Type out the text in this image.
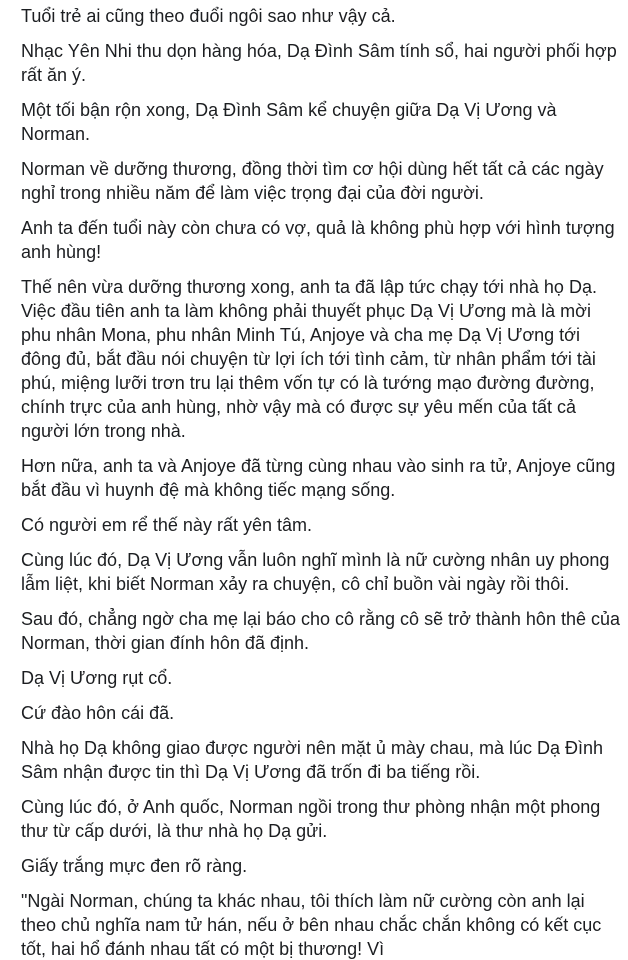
Tuổi trẻ ai cũng theo đuổi ngôi sao như vậy cả.

Nhạc Yên Nhi thu dọn hàng hóa, Dạ Đình Sâm tính sổ, hai người phối hợp rất ăn ý.

Một tối bận rộn xong, Dạ Đình Sâm kể chuyện giữa Dạ Vị Ương và Norman.

Norman về dưỡng thương, đồng thời tìm cơ hội dùng hết tất cả các ngày nghỉ trong nhiều năm để làm việc trọng đại của đời người.

Anh ta đến tuổi này còn chưa có vợ, quả là không phù hợp với hình tượng anh hùng!

Thế nên vừa dưỡng thương xong, anh ta đã lập tức chạy tới nhà họ Dạ. Việc đầu tiên anh ta làm không phải thuyết phục Dạ Vị Ương mà là mời phu nhân Mona, phu nhân Minh Tú, Anjoye và cha mẹ Dạ Vị Ương tới đông đủ, bắt đầu nói chuyện từ lợi ích tới tình cảm, từ nhân phẩm tới tài phú, miệng lưỡi trơn tru lại thêm vốn tự có là tướng mạo đường đường, chính trực của anh hùng, nhờ vậy mà có được sự yêu mến của tất cả người lớn trong nhà.

Hơn nữa, anh ta và Anjoye đã từng cùng nhau vào sinh ra tử, Anjoye cũng bắt đầu vì huynh đệ mà không tiếc mạng sống.

Có người em rể thế này rất yên tâm.

Cùng lúc đó, Dạ Vị Ương vẫn luôn nghĩ mình là nữ cường nhân uy phong lẫm liệt, khi biết Norman xảy ra chuyện, cô chỉ buồn vài ngày rồi thôi.

Sau đó, chẳng ngờ cha mẹ lại báo cho cô rằng cô sẽ trở thành hôn thê của Norman, thời gian đính hôn đã định.

Dạ Vị Ương rụt cổ.

Cứ đào hôn cái đã.

Nhà họ Dạ không giao được người nên mặt ủ mày chau, mà lúc Dạ Đình Sâm nhận được tin thì Dạ Vị Ương đã trốn đi ba tiếng rồi.

Cùng lúc đó, ở Anh quốc, Norman ngồi trong thư phòng nhận một phong thư từ cấp dưới, là thư nhà họ Dạ gửi.

Giấy trắng mực đen rõ ràng.

"Ngài Norman, chúng ta khác nhau, tôi thích làm nữ cường còn anh lại theo chủ nghĩa nam tử hán, nếu ở bên nhau chắc chắn không có kết cục tốt, hai hổ đánh nhau tất có một bị thương! Vì
